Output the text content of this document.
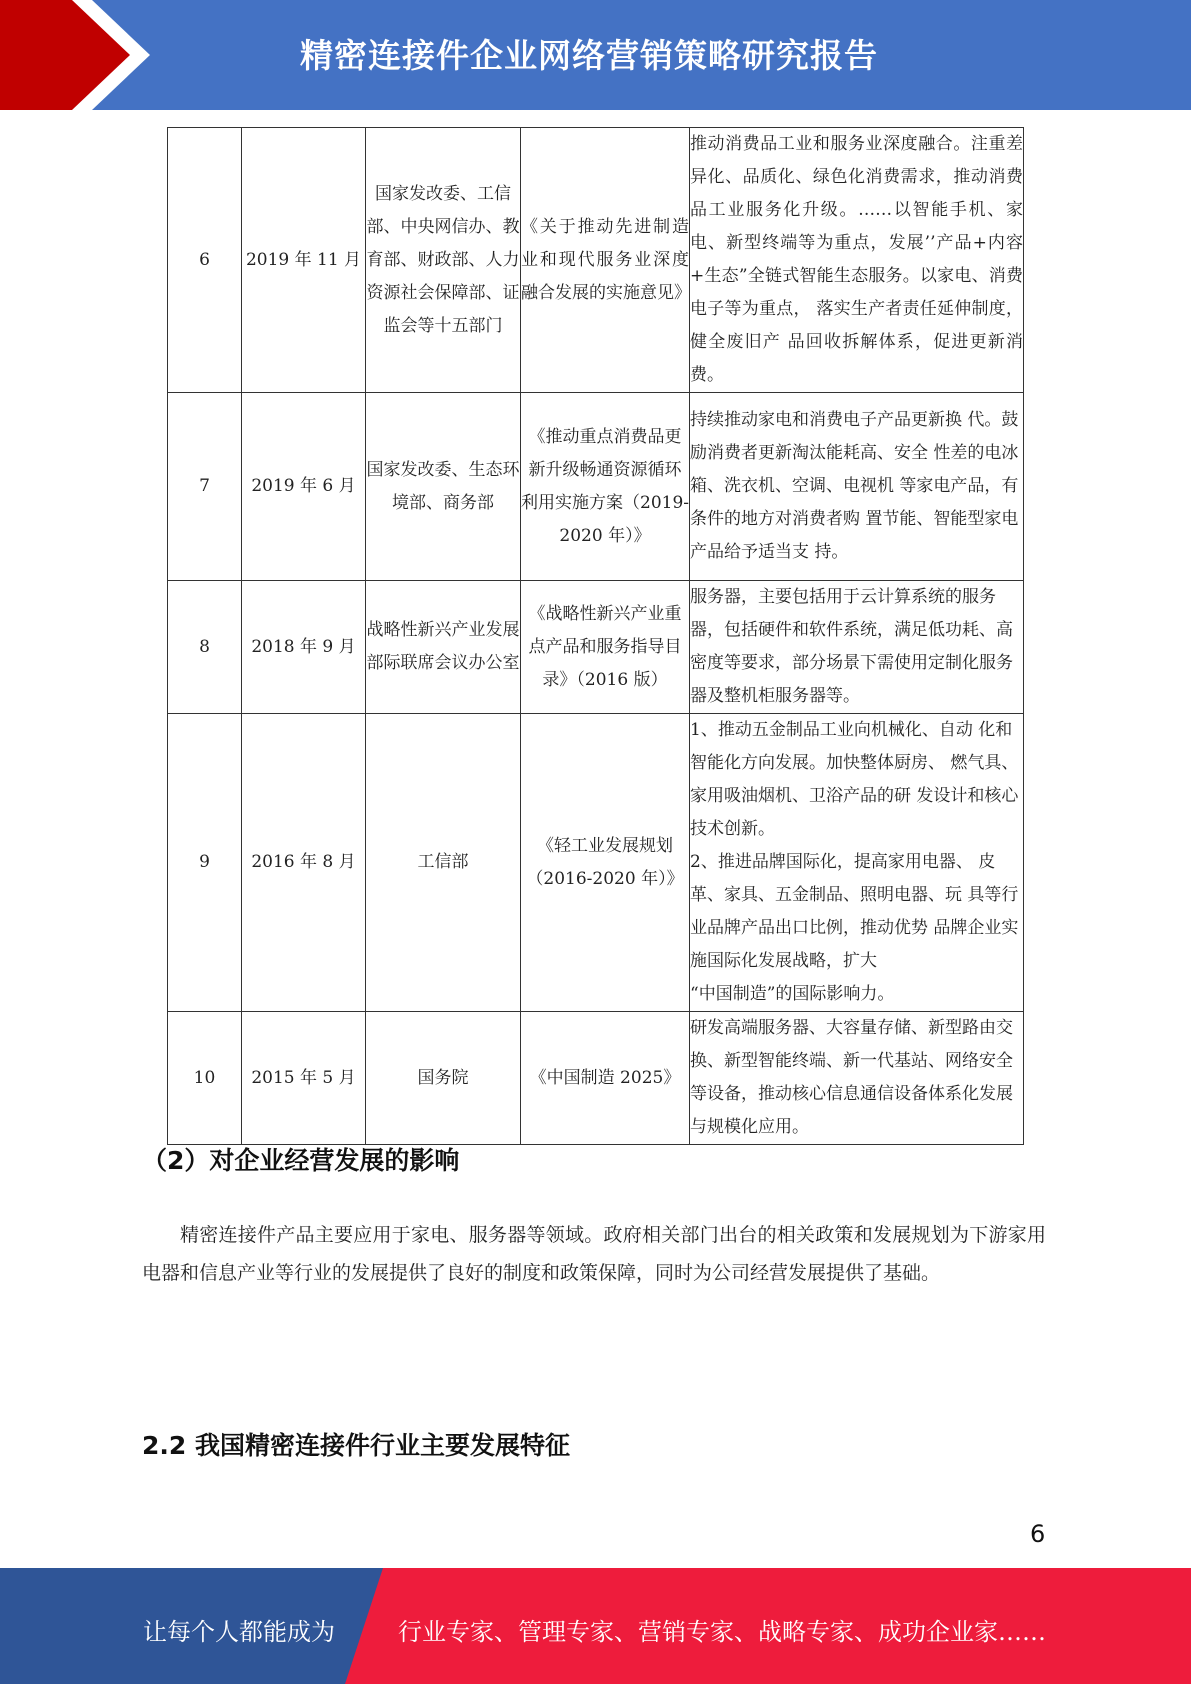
精密连接件企业网络营销策略研究报告
6	2019 年 11 月	国家发改委、工信部、中央网信办、教育部、财政部、人力资源社会保障部、证监会等十五部门	《关于推动先进制造业和现代服务业深度融合发展的实施意见》	推动消费品工业和服务业深度融合。注重差异化、品质化、绿色化消费需求，推动消费品工业服务化升级。……以智能手机、家电、新型终端等为重点，发展’’产品+内容+生态”全链式智能生态服务。以家电、消费电子等为重点， 落实生产者责任延伸制度，健全废旧产 品回收拆解体系，促进更新消费。

7	2019 年 6 月	国家发改委、生态环境部、商务部	《推动重点消费品更新升级畅通资源循环利用实施方案（2019-2020 年）》	持续推动家电和消费电子产品更新换 代。鼓励消费者更新淘汰能耗高、安全 性差的电冰箱、洗衣机、空调、电视机 等家电产品，有条件的地方对消费者购 置节能、智能型家电产品给予适当支 持。

8	2018 年 9 月	战略性新兴产业发展部际联席会议办公室	《战略性新兴产业重点产品和服务指导目录》（2016 版）	服务器，主要包括用于云计算系统的服务器，包括硬件和软件系统，满足低功耗、高密度等要求，部分场景下需使用定制化服务器及整机柜服务器等。

9	2016 年 8 月	工信部	《轻工业发展规划（2016-2020 年）》	1、推动五金制品工业向机械化、自动 化和智能化方向发展。加快整体厨房、 燃气具、家用吸油烟机、卫浴产品的研 发设计和核心技术创新。
2、推进品牌国际化，提高家用电器、 皮革、家具、五金制品、照明电器、玩 具等行业品牌产品出口比例，推动优势 品牌企业实施国际化发展战略，扩大
“中国制造”的国际影响力。

10	2015 年 5 月	国务院	《中国制造 2025》	研发高端服务器、大容量存储、新型路由交换、新型智能终端、新一代基站、网络安全等设备，推动核心信息通信设备体系化发展与规模化应用。
（2）对企业经营发展的影响
精密连接件产品主要应用于家电、服务器等领域。政府相关部门出台的相关政策和发展规划为下游家用电器和信息产业等行业的发展提供了良好的制度和政策保障，同时为公司经营发展提供了基础。
2.2 我国精密连接件行业主要发展特征
6
让每个人都能成为	行业专家、管理专家、营销专家、战略专家、成功企业家……
